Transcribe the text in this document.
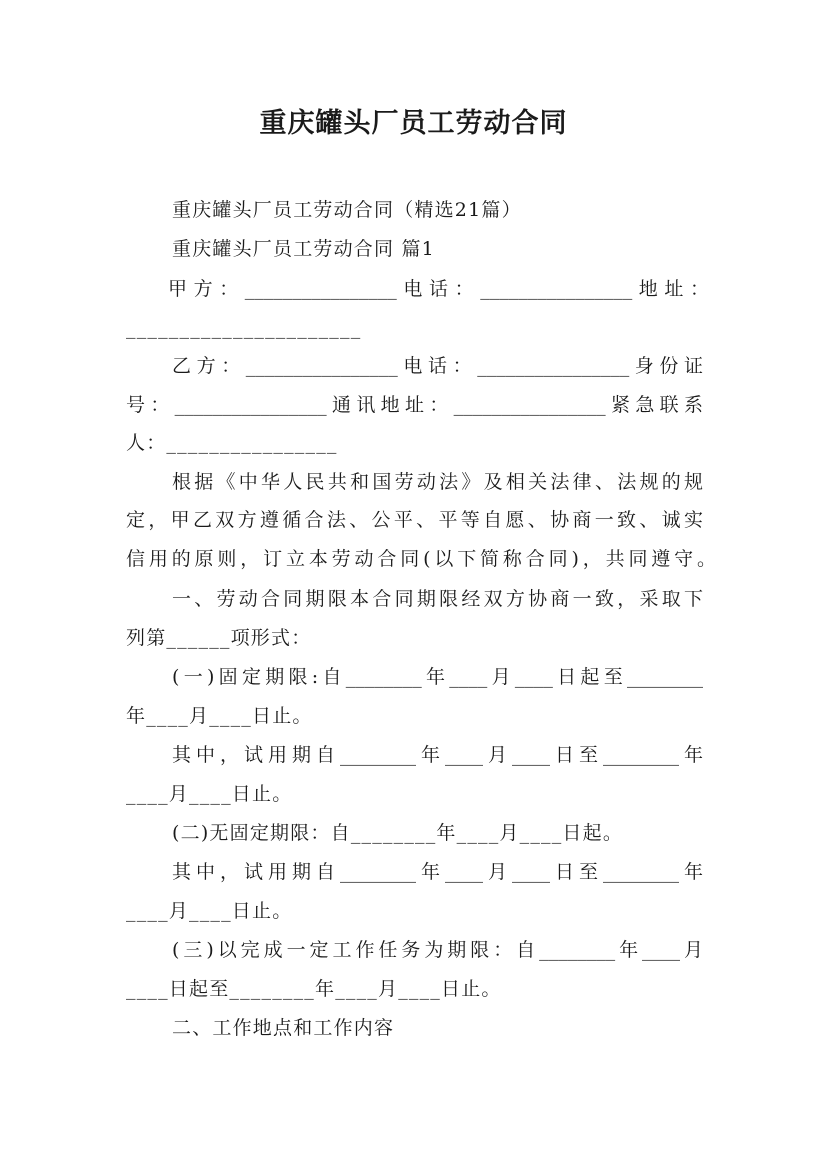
重庆罐头厂员工劳动合同
重庆罐头厂员工劳动合同（精选21篇）
重庆罐头厂员工劳动合同 篇1
甲方：________________电话：________________地址：
______________________
乙方：________________电话：________________身份证
号：________________通讯地址：________________紧急联系
人：________________
根据《中华人民共和国劳动法》及相关法律、法规的规
定，甲乙双方遵循合法、公平、平等自愿、协商一致、诚实
信用的原则，订立本劳动合同(以下简称合同)，共同遵守。
一、劳动合同期限本合同期限经双方协商一致，采取下
列第______项形式：
(一)固定期限:自________年____月____日起至________
年____月____日止。
其中，试用期自________年____月____日至________年
____月____日止。
(二)无固定期限：自________年____月____日起。
其中，试用期自________年____月____日至________年
____月____日止。
(三)以完成一定工作任务为期限：自________年____月
____日起至________年____月____日止。
二、工作地点和工作内容
